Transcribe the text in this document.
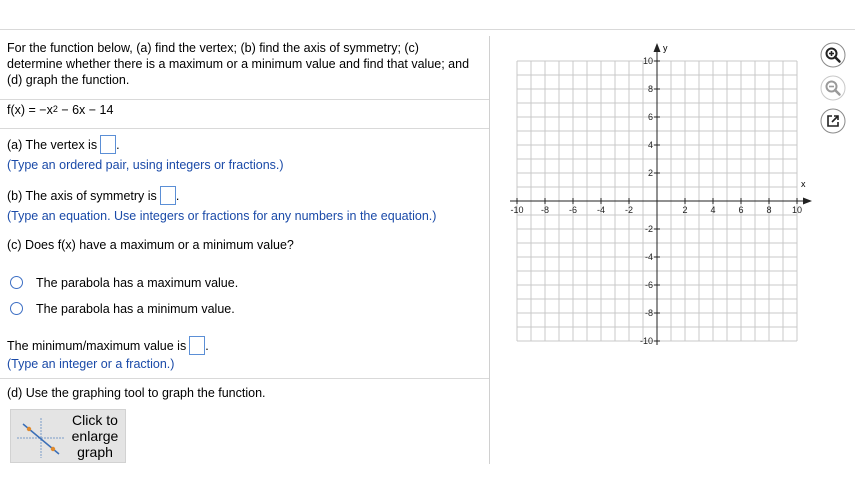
For the function below, (a) find the vertex; (b) find the axis of symmetry; (c) determine whether there is a maximum or a minimum value and find that value; and (d) graph the function.
$f(x) = -x^2 - 6x - 14$
(a) The vertex is .
(Type an ordered pair, using integers or fractions.)
(b) The axis of symmetry is .
(Type an equation. Use integers or fractions for any numbers in the equation.)
(c) Does f(x) have a maximum or a minimum value?
The parabola has a maximum value.
The parabola has a minimum value.
The minimum/maximum value is .
(Type an integer or a fraction.)
(d) Use the graphing tool to graph the function.
Click to enlarge graph
x
y
-10 -8 -6 -4 -2	2	4	6	8 10
10
8
6
4
2
-2
-4
-6
-8
-10
